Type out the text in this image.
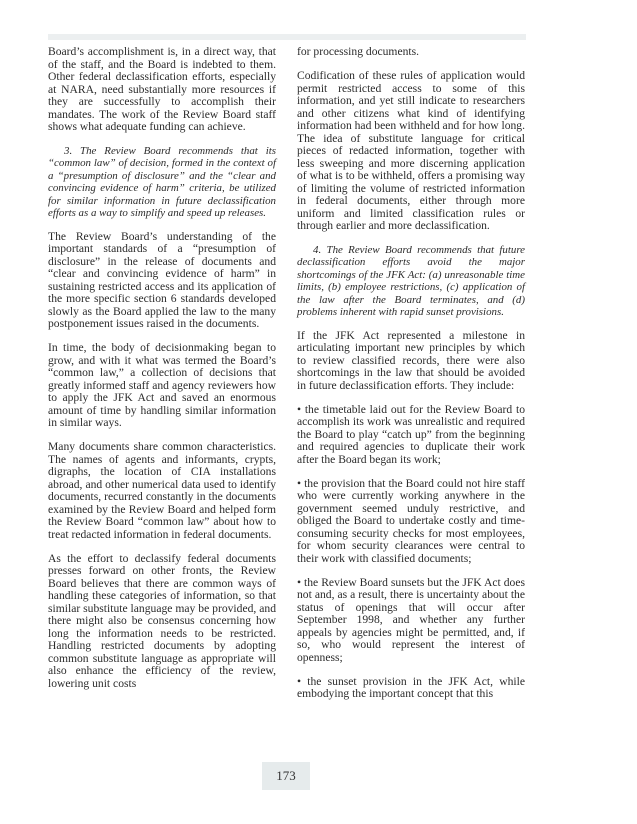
Board’s accomplishment is, in a direct way, that of the staff, and the Board is indebted to them. Other federal declassification efforts, especially at NARA, need substantially more resources if they are successfully to accomplish their mandates. The work of the Review Board staff shows what adequate funding can achieve.

3. The Review Board recommends that its “common law” of decision, formed in the context of a “presumption of disclosure” and the “clear and convincing evidence of harm” criteria, be utilized for similar information in future declassification efforts as a way to simplify and speed up releases.

The Review Board’s understanding of the important standards of a “presumption of disclosure” in the release of documents and “clear and convincing evidence of harm” in sustaining restricted access and its application of the more specific section 6 standards developed slowly as the Board applied the law to the many postponement issues raised in the documents.

In time, the body of decisionmaking began to grow, and with it what was termed the Board’s “common law,” a collection of decisions that greatly informed staff and agency reviewers how to apply the JFK Act and saved an enormous amount of time by handling similar information in similar ways.

Many documents share common characteristics. The names of agents and informants, crypts, digraphs, the location of CIA installations abroad, and other numerical data used to identify documents, recurred constantly in the documents examined by the Review Board and helped form the Review Board “common law” about how to treat redacted information in federal documents.

As the effort to declassify federal documents presses forward on other fronts, the Review Board believes that there are common ways of handling these categories of information, so that similar substitute language may be provided, and there might also be consensus concerning how long the information needs to be restricted. Handling restricted documents by adopting common substitute language as appropriate will also enhance the efficiency of the review, lowering unit costs

for processing documents.

Codification of these rules of application would permit restricted access to some of this information, and yet still indicate to researchers and other citizens what kind of identifying information had been withheld and for how long. The idea of substitute language for critical pieces of redacted information, together with less sweeping and more discerning application of what is to be withheld, offers a promising way of limiting the volume of restricted information in federal documents, either through more uniform and limited classification rules or through earlier and more declassification.

4. The Review Board recommends that future declassification efforts avoid the major shortcomings of the JFK Act: (a) unreasonable time limits, (b) employee restrictions, (c) application of the law after the Board terminates, and (d) problems inherent with rapid sunset provisions.

If the JFK Act represented a milestone in articulating important new principles by which to review classified records, there were also shortcomings in the law that should be avoided in future declassification efforts. They include:

• the timetable laid out for the Review Board to accomplish its work was unrealistic and required the Board to play “catch up” from the beginning and required agencies to duplicate their work after the Board began its work;

• the provision that the Board could not hire staff who were currently working anywhere in the government seemed unduly restrictive, and obliged the Board to undertake costly and time-consuming security checks for most employees, for whom security clearances were central to their work with classified documents;

• the Review Board sunsets but the JFK Act does not and, as a result, there is uncertainty about the status of openings that will occur after September 1998, and whether any further appeals by agencies might be permitted, and, if so, who would represent the interest of openness;

• the sunset provision in the JFK Act, while embodying the important concept that this

173
